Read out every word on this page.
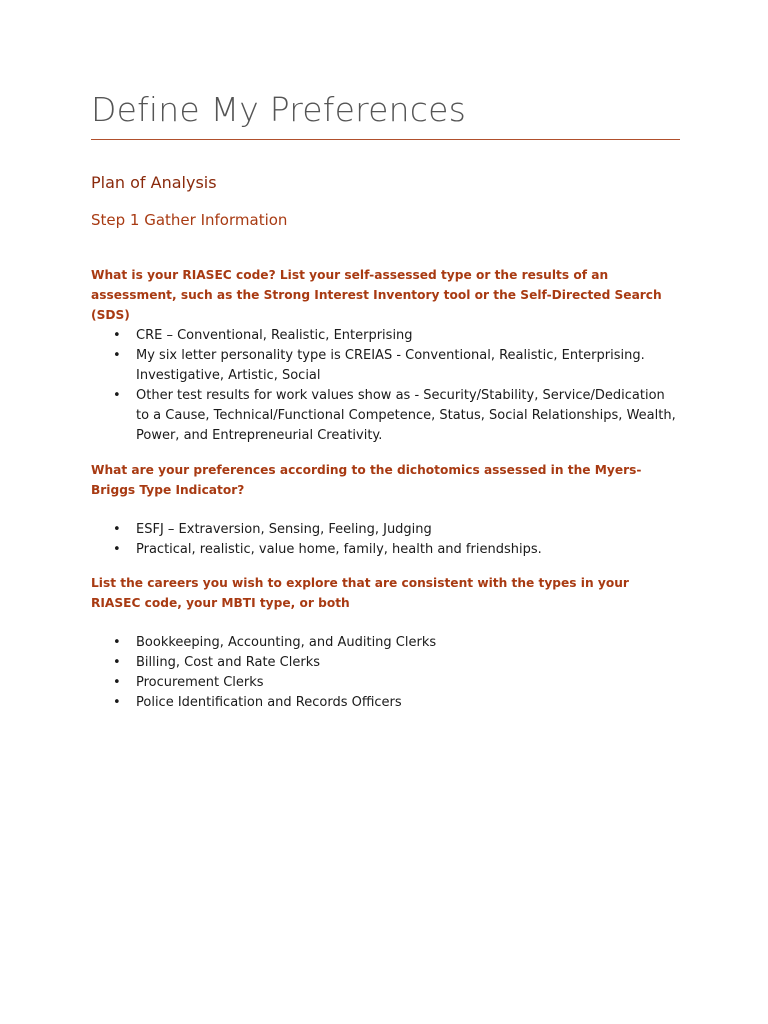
Define My Preferences
Plan of Analysis
Step 1 Gather Information

What is your RIASEC code? List your self-assessed type or the results of an assessment, such as the Strong Interest Inventory tool or the Self-Directed Search (SDS)

• CRE – Conventional, Realistic, Enterprising
• My six letter personality type is CREIAS - Conventional, Realistic, Enterprising. Investigative, Artistic, Social
• Other test results for work values show as - Security/Stability, Service/Dedication to a Cause, Technical/Functional Competence, Status, Social Relationships, Wealth, Power, and Entrepreneurial Creativity.

What are your preferences according to the dichotomics assessed in the Myers-Briggs Type Indicator?

• ESFJ – Extraversion, Sensing, Feeling, Judging
• Practical, realistic, value home, family, health and friendships.

List the careers you wish to explore that are consistent with the types in your RIASEC code, your MBTI type, or both

• Bookkeeping, Accounting, and Auditing Clerks
• Billing, Cost and Rate Clerks
• Procurement Clerks
• Police Identification and Records Officers
